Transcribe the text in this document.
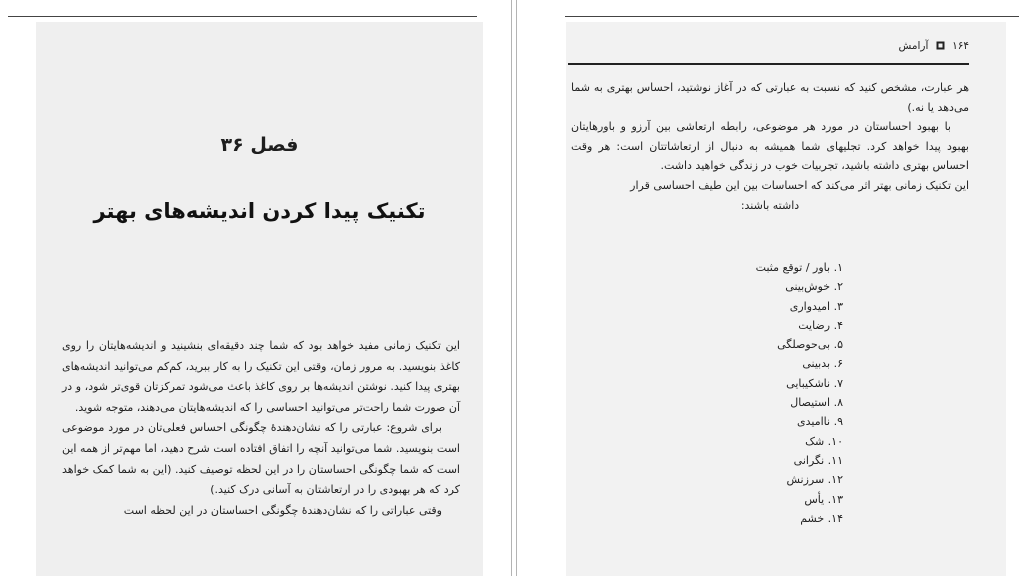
فصل ۳۶
تکنیک پیدا کردن اندیشه‌های بهتر

این تکنیک زمانی مفید خواهد بود که شما چند دقیقه‌ای بنشینید و اندیشه‌هایتان را روی کاغذ بنویسید. به مرور زمان، وقتی این تکنیک را به کار ببرید، کم‌کم می‌توانید اندیشه‌های بهتری پیدا کنید. نوشتن اندیشه‌ها بر روی کاغذ باعث می‌شود تمرکزتان قوی‌تر شود، و در آن صورت شما راحت‌تر می‌توانید احساسی را که اندیشه‌هایتان می‌دهند، متوجه شوید.

برای شروع: عبارتی را که نشان‌دهندهٔ چگونگی احساس فعلی‌تان در مورد موضوعی است بنویسید. شما می‌توانید آنچه را اتفاق افتاده است شرح دهید، اما مهم‌تر از همه این است که شما چگونگی احساستان را در این لحظه توصیف کنید. (این به شما کمک خواهد کرد که هر بهبودی را در ارتعاشتان به آسانی درک کنید.)

وقتی عباراتی را که نشان‌دهندهٔ چگونگی احساستان در این لحظه است

۱۶۴  آرامش

هر عبارت، مشخص کنید که نسبت به عبارتی که در آغاز نوشتید، احساس بهتری به شما می‌دهد یا نه.)

با بهبود احساستان در مورد هر موضوعی، رابطه ارتعاشی بین آرزو و باورهایتان بهبود پیدا خواهد کرد. تجلیهای شما همیشه به دنبال از ارتعاشاتتان است: هر وقت احساس بهتری داشته باشید، تجربیات خوب در زندگی خواهید داشت.

این تکنیک زمانی بهتر اثر می‌کند که احساسات بین این طیف احساسی قرار

داشته باشند:

۱. باور / توقع مثبت
۲. خوش‌بینی
۳. امیدواری
۴. رضایت
۵. بی‌حوصلگی
۶. بدبینی
۷. ناشکیبایی
۸. استیصال
۹. ناامیدی
۱۰. شک
۱۱. نگرانی
۱۲. سرزنش
۱۳. یأس
۱۴. خشم
